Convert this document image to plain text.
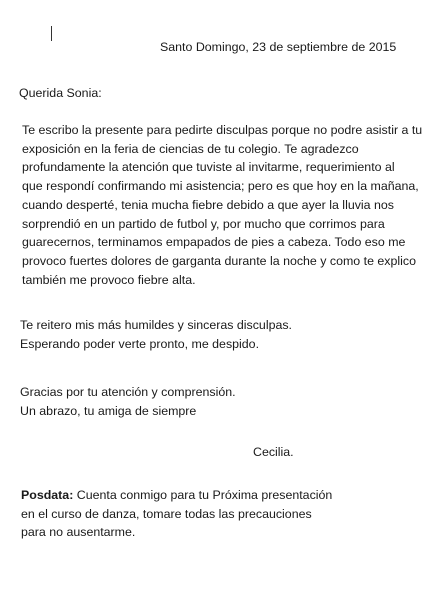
Santo Domingo, 23 de septiembre de 2015

Querida Sonia:

Te escribo la presente para pedirte disculpas porque no podre asistir a tu
exposición en la feria de ciencias de tu colegio. Te agradezco
profundamente la atención que tuviste al invitarme, requerimiento al
que respondí confirmando mi asistencia; pero es que hoy en la mañana,
cuando desperté, tenia mucha fiebre debido a que ayer la lluvia nos
sorprendió en un partido de futbol y, por mucho que corrimos para
guarecernos, terminamos empapados de pies a cabeza. Todo eso me
provoco fuertes dolores de garganta durante la noche y como te explico
también me provoco fiebre alta.
Te reitero mis más humildes y sinceras disculpas.
Esperando poder verte pronto, me despido.
Gracias por tu atención y comprensión.
Un abrazo, tu amiga de siempre

Cecilia.

Posdata: Cuenta conmigo para tu Próxima presentación
en el curso de danza, tomare todas las precauciones
para no ausentarme.
